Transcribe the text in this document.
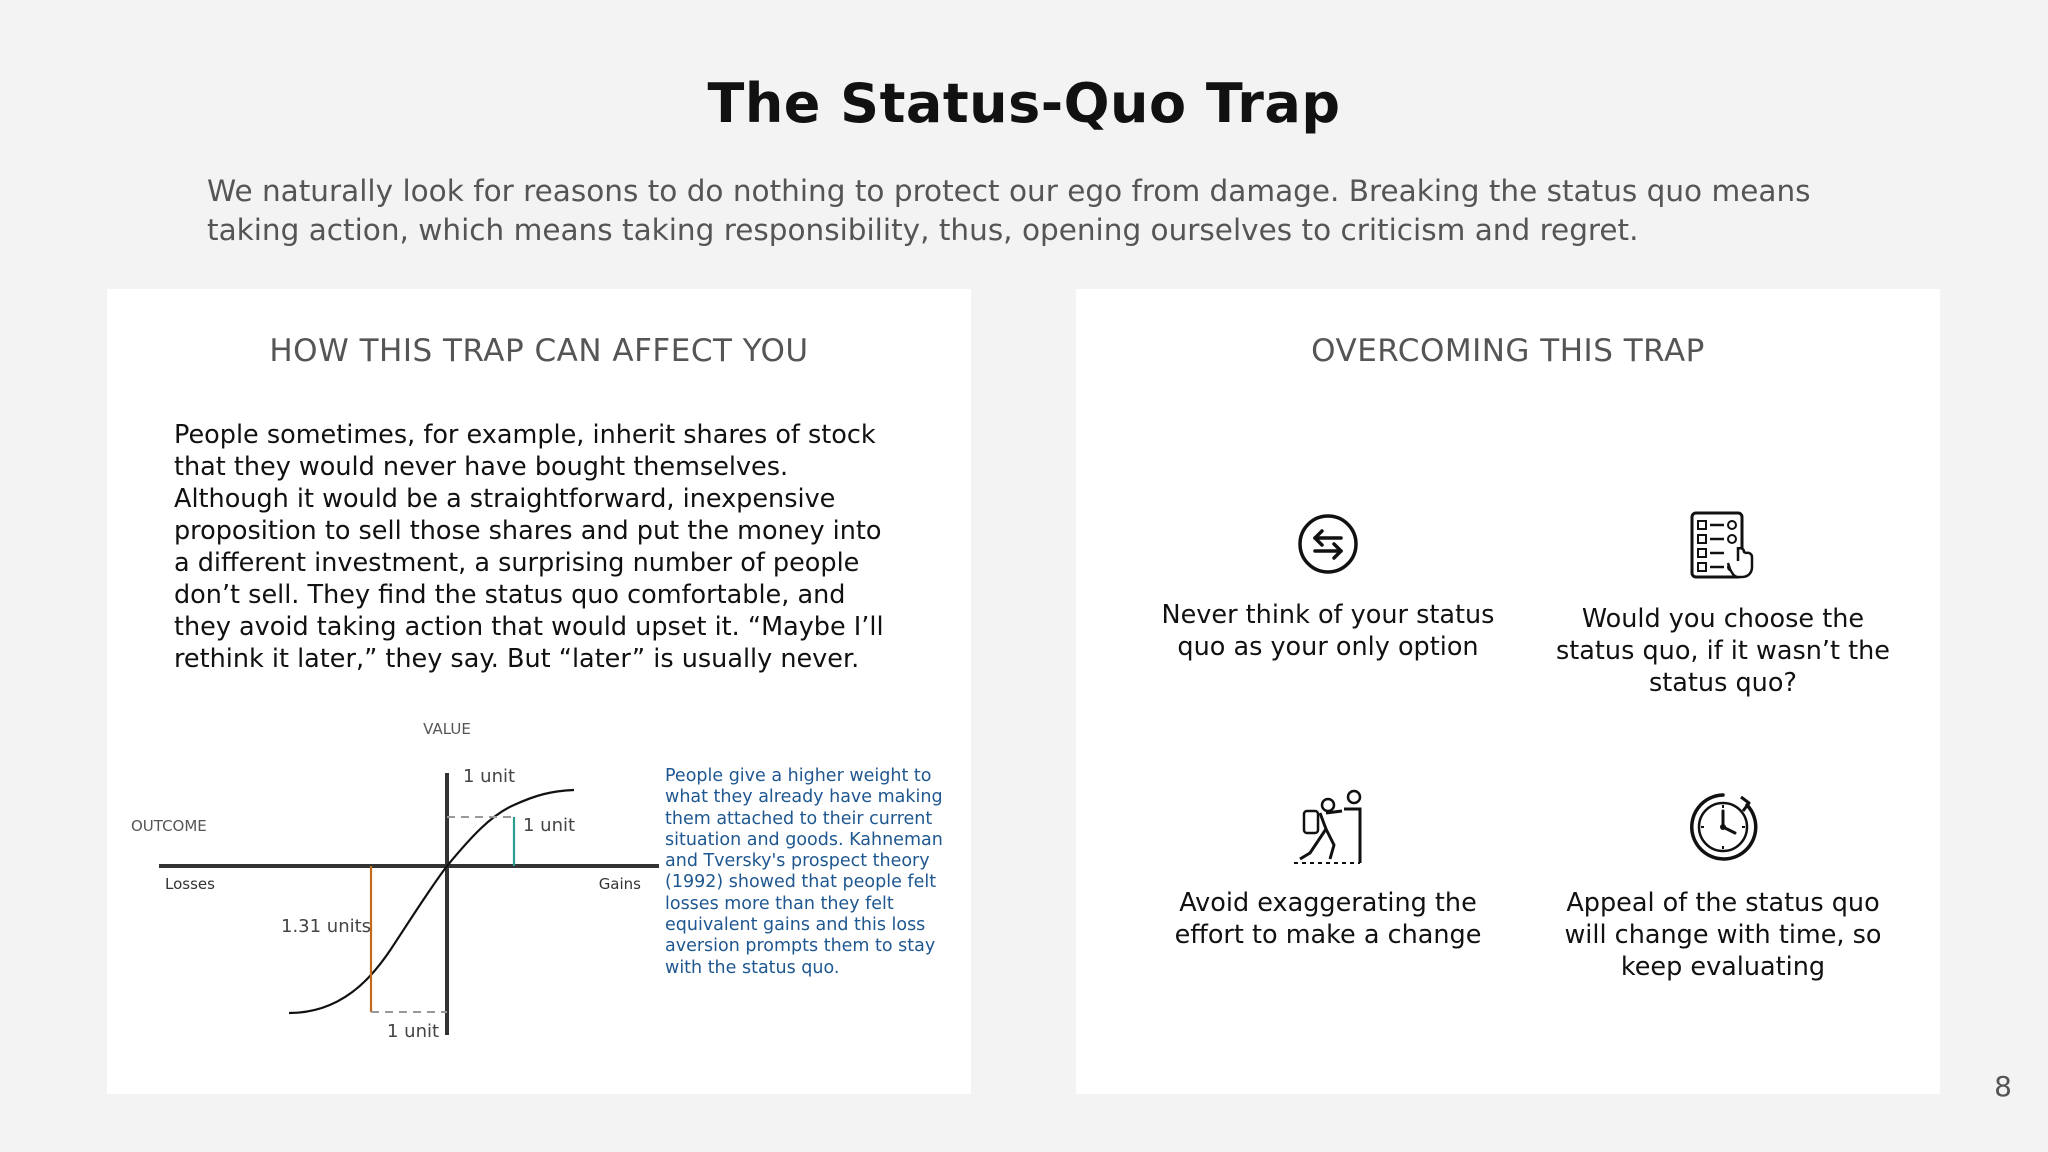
The Status-Quo Trap
We naturally look for reasons to do nothing to protect our ego from damage. Breaking the status quo means taking action, which means taking responsibility, thus, opening ourselves to criticism and regret.
HOW THIS TRAP CAN AFFECT YOU
People sometimes, for example, inherit shares of stock that they would never have bought themselves. Although it would be a straightforward, inexpensive proposition to sell those shares and put the money into a different investment, a surprising number of people don’t sell. They find the status quo comfortable, and they avoid taking action that would upset it. “Maybe I’ll rethink it later,” they say. But “later” is usually never.
VALUE
OUTCOME
Losses	Gains
1 unit
1 unit
1.31 units
1 unit
People give a higher weight to what they already have making them attached to their current situation and goods. Kahneman and Tversky's prospect theory (1992) showed that people felt losses more than they felt equivalent gains and this loss aversion prompts them to stay with the status quo.
OVERCOMING THIS TRAP
Never think of your status quo as your only option
Would you choose the status quo, if it wasn’t the status quo?
Avoid exaggerating the effort to make a change
Appeal of the status quo will change with time, so keep evaluating
8
